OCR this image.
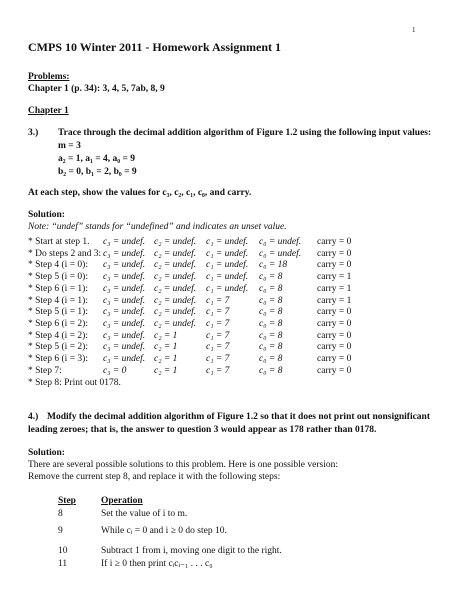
1
CMPS 10 Winter 2011 - Homework Assignment 1
Problems:
Chapter 1 (p. 34): 3, 4, 5, 7ab, 8, 9
Chapter 1
3.) Trace through the decimal addition algorithm of Figure 1.2 using the following input values:
m = 3
a₂ = 1, a₁ = 4, a₀ = 9
b₂ = 0, b₁ = 2, b₀ = 9
At each step, show the values for c₃, c₂, c₁, c₀, and carry.
Solution:
Note: “undef” stands for “undefined” and indicates an unset value.
* Start at step 1. c₃ = undef. c₂ = undef. c₁ = undef. c₀ = undef. carry = 0
* Do steps 2 and 3: c₃ = undef. c₂ = undef. c₁ = undef. c₀ = undef. carry = 0
* Step 4 (i = 0): c₃ = undef. c₂ = undef. c₁ = undef. c₀ = 18	carry = 0
* Step 5 (i = 0): c₃ = undef. c₂ = undef. c₁ = undef. c₀ = 8	carry = 1
* Step 6 (i = 1): c₃ = undef. c₂ = undef. c₁ = undef. c₀ = 8	carry = 1
* Step 4 (i = 1): c₃ = undef. c₂ = undef. c₁ = 7	c₀ = 8	carry = 1
* Step 5 (i = 1): c₃ = undef. c₂ = undef. c₁ = 7	c₀ = 8	carry = 0
* Step 6 (i = 2): c₃ = undef. c₂ = undef. c₁ = 7	c₀ = 8	carry = 0
* Step 4 (i = 2): c₃ = undef. c₂ = 1	c₁ = 7	c₀ = 8	carry = 0
* Step 5 (i = 2): c₃ = undef. c₂ = 1	c₁ = 7	c₀ = 8	carry = 0
* Step 6 (i = 3): c₃ = undef. c₂ = 1	c₁ = 7	c₀ = 8	carry = 0
* Step 7:	c₃ = 0	c₂ = 1	c₁ = 7	c₀ = 8	carry = 0
* Step 8: Print out 0178.
4.) Modify the decimal addition algorithm of Figure 1.2 so that it does not print out nonsignificant
leading zeroes; that is, the answer to question 3 would appear as 178 rather than 0178.
Solution:
There are several possible solutions to this problem. Here is one possible version:
Remove the current step 8, and replace it with the following steps:
Step	Operation
8	Set the value of i to m.
9	While cᵢ = 0 and i ≥ 0 do step 10.
10	Subtract 1 from i, moving one digit to the right.
11	If i ≥ 0 then print cᵢcᵢ₋₁ . . . c₀
